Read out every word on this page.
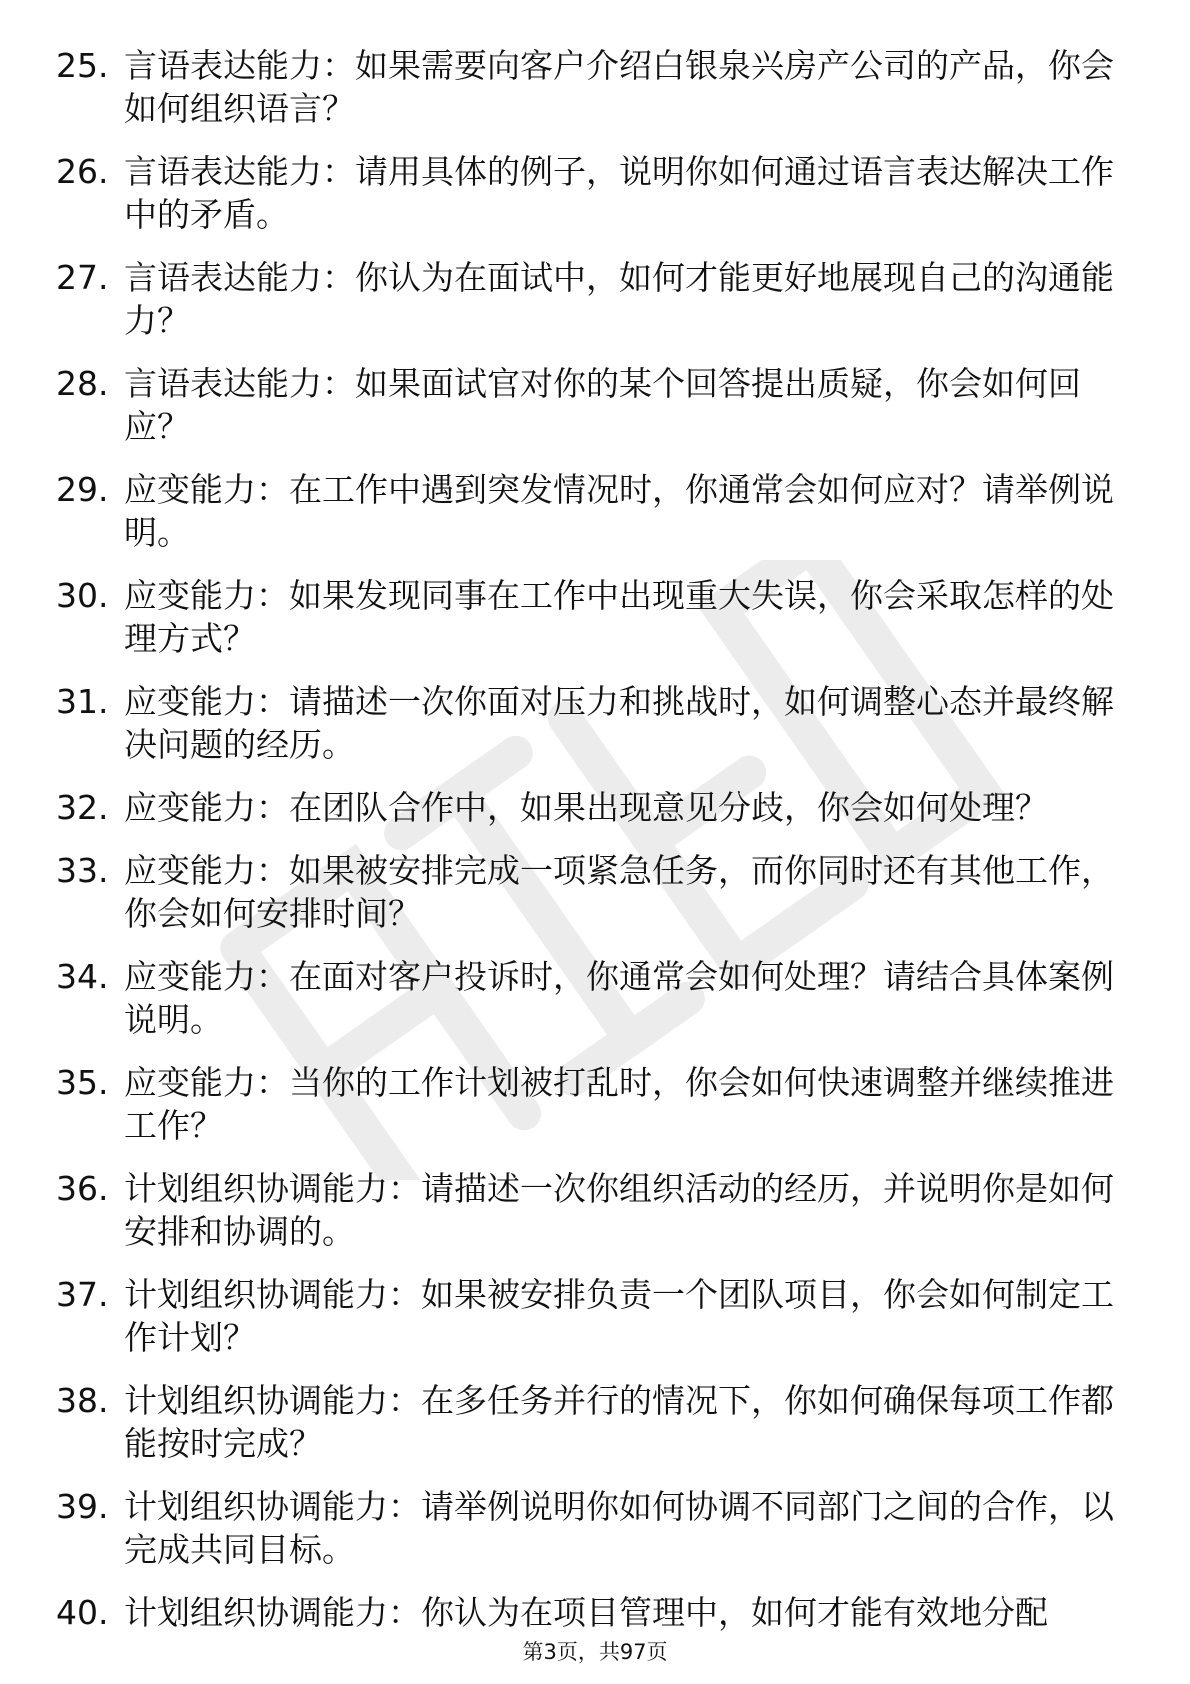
25. 言语表达能力：如果需要向客户介绍白银泉兴房产公司的产品，你会如何组织语言？
26. 言语表达能力：请用具体的例子，说明你如何通过语言表达解决工作中的矛盾。
27. 言语表达能力：你认为在面试中，如何才能更好地展现自己的沟通能力？
28. 言语表达能力：如果面试官对你的某个回答提出质疑，你会如何回应？
29. 应变能力：在工作中遇到突发情况时，你通常会如何应对？请举例说明。
30. 应变能力：如果发现同事在工作中出现重大失误，你会采取怎样的处理方式？
31. 应变能力：请描述一次你面对压力和挑战时，如何调整心态并最终解决问题的经历。
32. 应变能力：在团队合作中，如果出现意见分歧，你会如何处理？
33. 应变能力：如果被安排完成一项紧急任务，而你同时还有其他工作，你会如何安排时间？
34. 应变能力：在面对客户投诉时，你通常会如何处理？请结合具体案例说明。
35. 应变能力：当你的工作计划被打乱时，你会如何快速调整并继续推进工作？
36. 计划组织协调能力：请描述一次你组织活动的经历，并说明你是如何安排和协调的。
37. 计划组织协调能力：如果被安排负责一个团队项目，你会如何制定工作计划？
38. 计划组织协调能力：在多任务并行的情况下，你如何确保每项工作都能按时完成？
39. 计划组织协调能力：请举例说明你如何协调不同部门之间的合作，以完成共同目标。
40. 计划组织协调能力：你认为在项目管理中，如何才能有效地分配
第3页，共97页
